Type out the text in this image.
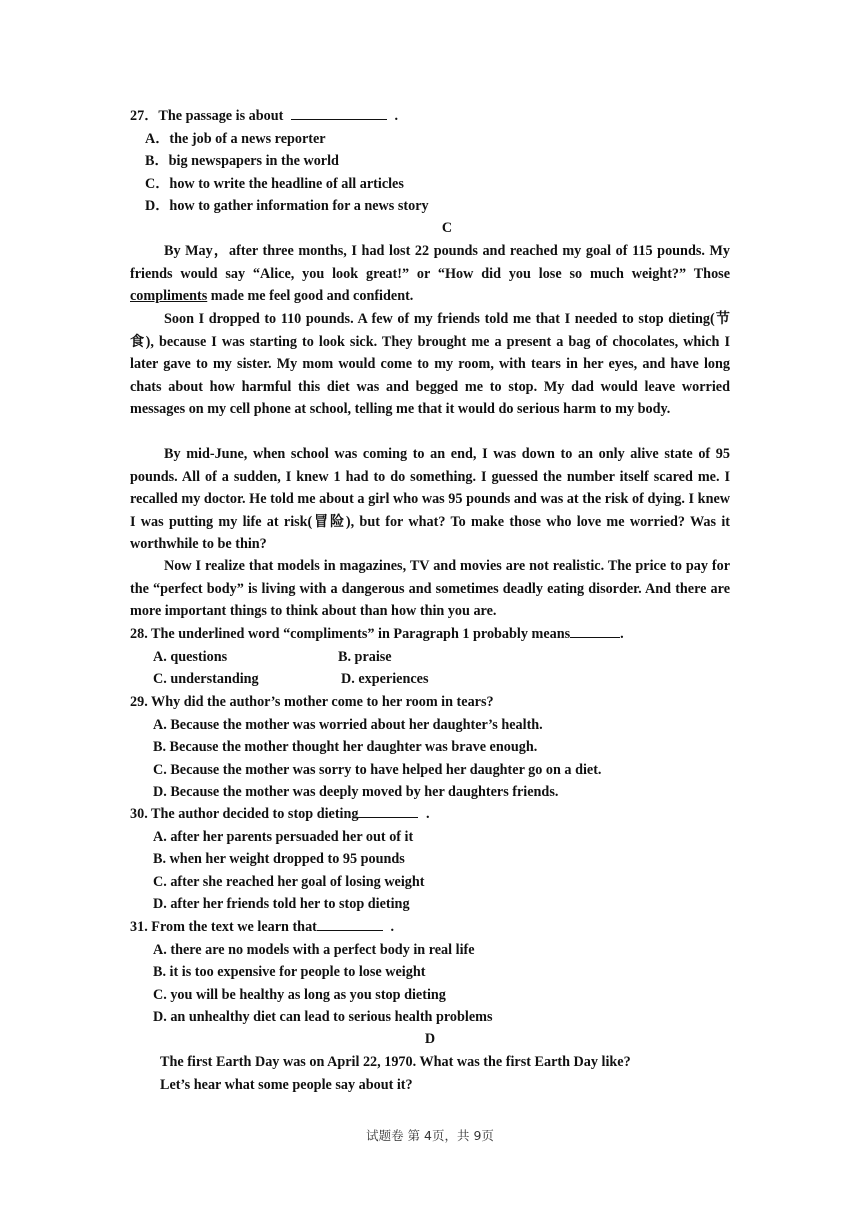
27．The passage is about	.
A．the job of a news reporter
B．big newspapers in the world
C．how to write the headline of all articles
D．how to gather information for a news story
C

By May，after three months, I had lost 22 pounds and reached my goal of 115 pounds. My friends would say “Alice, you look great!” or “How did you lose so much weight?” Those compliments made me feel good and confident.

Soon I dropped to 110 pounds. A few of my friends told me that I needed to stop dieting(节食), because I was starting to look sick. They brought me a present a bag of chocolates, which I later gave to my sister. My mom would come to my room, with tears in her eyes, and have long chats about how harmful this diet was and begged me to stop. My dad would leave worried messages on my cell phone at school, telling me that it would do serious harm to my body.

By mid-June, when school was coming to an end, I was down to an only alive state of 95 pounds. All of a sudden, I knew 1 had to do something. I guessed the number itself scared me. I recalled my doctor. He told me about a girl who was 95 pounds and was at the risk of dying. I knew I was putting my life at risk(冒险), but for what? To make those who love me worried? Was it worthwhile to be thin?

Now I realize that models in magazines, TV and movies are not realistic. The price to pay for the “perfect body” is living with a dangerous and sometimes deadly eating disorder. And there are more important things to think about than how thin you are.

28. The underlined word “compliments” in Paragraph 1 probably means	.
A. questions	B. praise
C. understanding	D. experiences
29. Why did the author’s mother come to her room in tears?
A. Because the mother was worried about her daughter’s health.
B. Because the mother thought her daughter was brave enough.
C. Because the mother was sorry to have helped her daughter go on a diet.
D. Because the mother was deeply moved by her daughters friends.
30. The author decided to stop dieting	.
A. after her parents persuaded her out of it
B. when her weight dropped to 95 pounds
C. after she reached her goal of losing weight
D. after her friends told her to stop dieting
31. From the text we learn that	.
A. there are no models with a perfect body in real life
B. it is too expensive for people to lose weight
C. you will be healthy as long as you stop dieting
D. an unhealthy diet can lead to serious health problems
D
The first Earth Day was on April 22, 1970. What was the first Earth Day like?
Let’s hear what some people say about it?
试题卷 第 4页，共 9页
